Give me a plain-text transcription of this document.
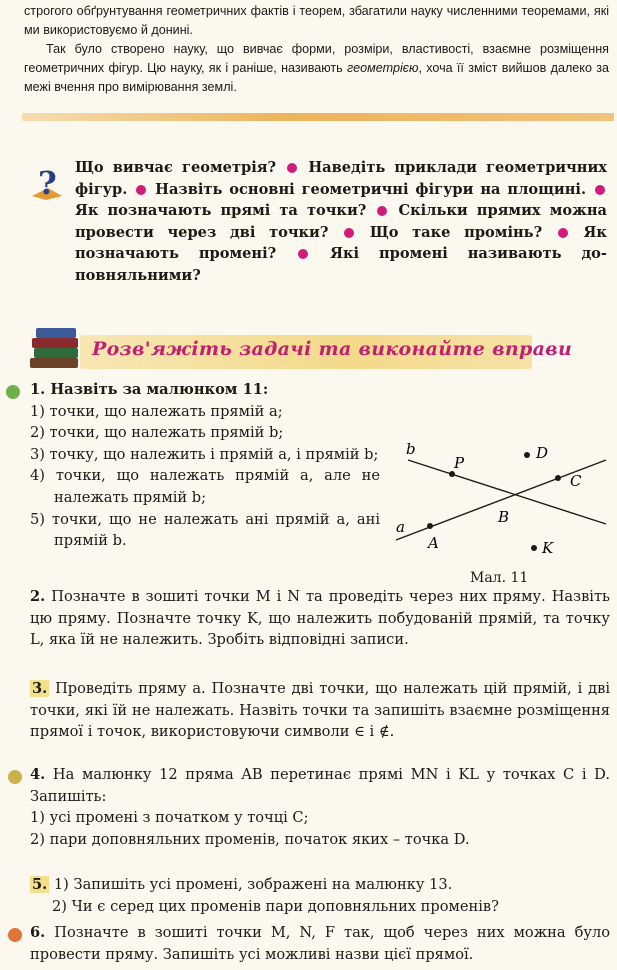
строгого обґрунтування геометричних фактів і теорем, збагатили науку численними теоремами, які ми використовуємо й донині.

Так було створено науку, що вивчає форми, розміри, властивості, взаємне розміщення геометричних фігур. Цю науку, як і раніше, називають геометрією, хоча її зміст вийшов далеко за межі вчення про вимірювання землі.

? Що вивчає геометрія? Наведіть приклади геометричних фігур. Назвіть основні геометричні фігури на площині.  Як позначають прямі та точки? Скільки прямих можна провести через дві точки?	Що таке промінь?	Як позначають промені?	Які промені називають доповняльними?
Розв'яжіть задачі та виконайте вправи

1. Назвіть за малюнком 11:

1) точки, що належать прямій a;

2) точки, що належать прямій b;

3) точку, що належить і прямій a, і прямій b;

4) точки, що належать прямій a, але не належать прямій b;

5) точки, що не належать ані прямій a, ані прямій b.

b
a
P
D
C
B
A	K
Мал. 11

2. Позначте в зошиті точки M і N та проведіть через них пряму. Назвіть цю пряму. Позначте точку K, що належить побудованій прямій, та точку L, яка їй не належить. Зробіть відповідні записи.

3. Проведіть пряму a. Позначте дві точки, що належать цій прямій, і дві точки, які їй не належать. Назвіть точки та запишіть взаємне розміщення прямої і точок, використовуючи символи ∈ і ∉.

4. На малюнку 12 пряма AB перетинає прямі MN і KL у точках C і D. Запишіть:

1) усі промені з початком у точці C;

2) пари доповняльних променів, початок яких – точка D.

5. 1) Запишіть усі промені, зображені на малюнку 13.

2) Чи є серед цих променів пари доповняльних променів?

6. Позначте в зошиті точки M, N, F так, щоб через них можна було провести пряму. Запишіть усі можливі назви цієї прямої.
